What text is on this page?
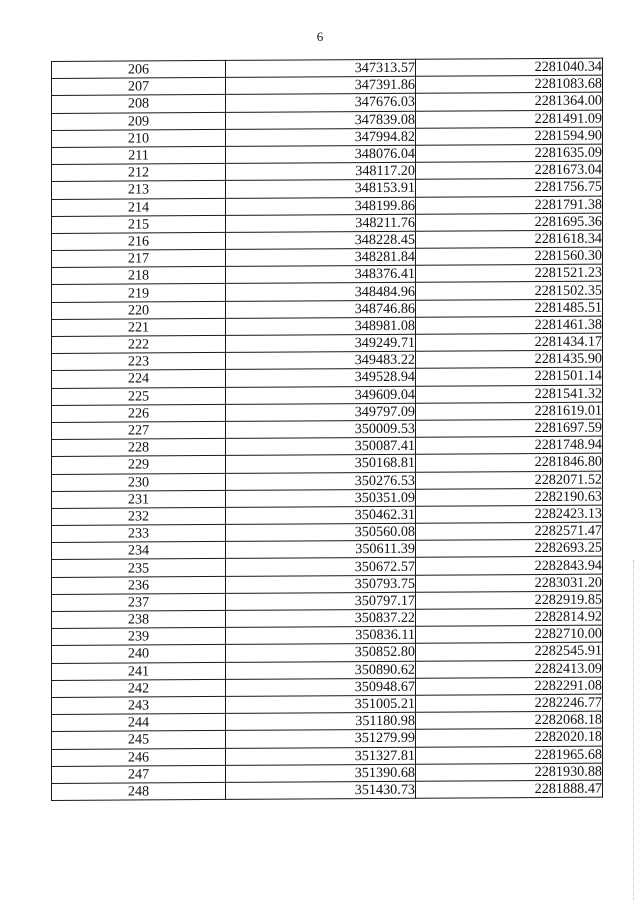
6
206	347313.57	2281040.34
207	347391.86	2281083.68
208	347676.03	2281364.00
209	347839.08	2281491.09
210	347994.82	2281594.90
211	348076.04	2281635.09
212	348117.20	2281673.04
213	348153.91	2281756.75
214	348199.86	2281791.38
215	348211.76	2281695.36
216	348228.45	2281618.34
217	348281.84	2281560.30
218	348376.41	2281521.23
219	348484.96	2281502.35
220	348746.86	2281485.51
221	348981.08	2281461.38
222	349249.71	2281434.17
223	349483.22	2281435.90
224	349528.94	2281501.14
225	349609.04	2281541.32
226	349797.09	2281619.01
227	350009.53	2281697.59
228	350087.41	2281748.94
229	350168.81	2281846.80
230	350276.53	2282071.52
231	350351.09	2282190.63
232	350462.31	2282423.13
233	350560.08	2282571.47
234	350611.39	2282693.25
235	350672.57	2282843.94
236	350793.75	2283031.20
237	350797.17	2282919.85
238	350837.22	2282814.92
239	350836.11	2282710.00
240	350852.80	2282545.91
241	350890.62	2282413.09
242	350948.67	2282291.08
243	351005.21	2282246.77
244	351180.98	2282068.18
245	351279.99	2282020.18
246	351327.81	2281965.68
247	351390.68	2281930.88
248	351430.73	2281888.47
